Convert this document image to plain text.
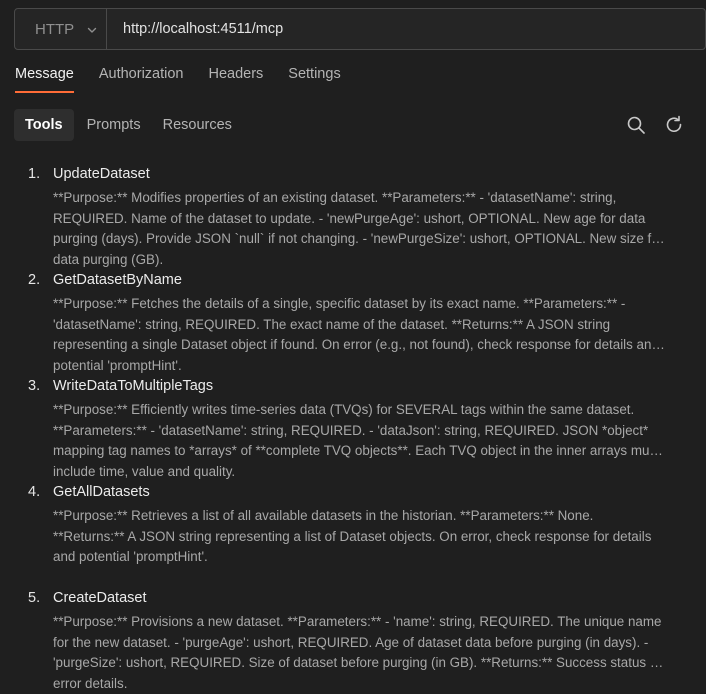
HTTP
http://localhost:4511/mcp
Message Authorization Headers Settings
Tools	Prompts	Resources
1. UpdateDataset
**Purpose:** Modifies properties of an existing dataset. **Parameters:** - 'datasetName': string, REQUIRED. Name of the dataset to update. - 'newPurgeAge': ushort, OPTIONAL. New age for data purging (days). Provide JSON `null` if not changing. - 'newPurgeSize': ushort, OPTIONAL. New size for data purging (GB).
2. GetDatasetByName
**Purpose:** Fetches the details of a single, specific dataset by its exact name. **Parameters:** - 'datasetName': string, REQUIRED. The exact name of the dataset. **Returns:** A JSON string representing a single Dataset object if found. On error (e.g., not found), check response for details and potential 'promptHint'.
3. WriteDataToMultipleTags
**Purpose:** Efficiently writes time-series data (TVQs) for SEVERAL tags within the same dataset. **Parameters:** - 'datasetName': string, REQUIRED. - 'dataJson': string, REQUIRED. JSON *object* mapping tag names to *arrays* of **complete TVQ objects**. Each TVQ object in the inner arrays must include time, value and quality.
4. GetAllDatasets
**Purpose:** Retrieves a list of all available datasets in the historian. **Parameters:** None. **Returns:** A JSON string representing a list of Dataset objects. On error, check response for details and potential 'promptHint'.
5. CreateDataset
**Purpose:** Provisions a new dataset. **Parameters:** - 'name': string, REQUIRED. The unique name for the new dataset. - 'purgeAge': ushort, REQUIRED. Age of dataset data before purging (in days). - 'purgeSize': ushort, REQUIRED. Size of dataset before purging (in GB). **Returns:** Success status or error details.
